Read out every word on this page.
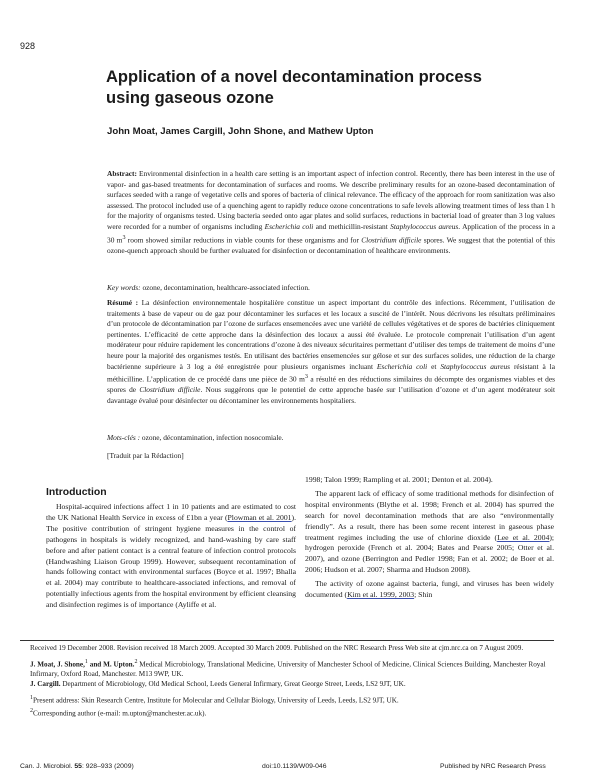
928
Application of a novel decontamination process using gaseous ozone
John Moat, James Cargill, John Shone, and Mathew Upton

Abstract: Environmental disinfection in a health care setting is an important aspect of infection control. Recently, there has been interest in the use of vapor- and gas-based treatments for decontamination of surfaces and rooms. We describe preliminary results for an ozone-based decontamination of surfaces seeded with a range of vegetative cells and spores of bacteria of clinical relevance. The efficacy of the approach for room sanitization was also assessed. The protocol included use of a quenching agent to rapidly reduce ozone concentrations to safe levels allowing treatment times of less than 1 h for the majority of organisms tested. Using bacteria seeded onto agar plates and solid surfaces, reductions in bacterial load of greater than 3 log values were recorded for a number of organisms including Escherichia coli and methicillin-resistant Staphylococcus aureus. Application of the process in a 30 $m^3$ room showed similar reductions in viable counts for these organisms and for Clostridium difficile spores. We suggest that the potential of this ozone-quench approach should be further evaluated for disinfection or decontamination of healthcare environments.

Key words: ozone, decontamination, healthcare-associated infection.

Résumé : La désinfection environnementale hospitalière constitue un aspect important du contrôle des infections. Récemment, l’utilisation de traitements à base de vapeur ou de gaz pour décontaminer les surfaces et les locaux a suscité de l’intérêt. Nous décrivons les résultats préliminaires d’un protocole de décontamination par l’ozone de surfaces ensemencées avec une variété de cellules végétatives et de spores de bactéries cliniquement pertinentes. L’efficacité de cette approche dans la désinfection des locaux a aussi été évaluée. Le protocole comprenait l’utilisation d’un agent modérateur pour réduire rapidement les concentrations d’ozone à des niveaux sécuritaires permettant d’utiliser des temps de traitement de moins d’une heure pour la majorité des organismes testés. En utilisant des bactéries ensemencées sur gélose et sur des surfaces solides, une réduction de la charge bactérienne supérieure à 3 log a été enregistrée pour plusieurs organismes incluant Escherichia coli et Staphylococcus aureus résistant à la méthicilline. L’application de ce procédé dans une pièce de 30 $m^3$ a résulté en des réductions similaires du décompte des organismes viables et des spores de Clostridium difficile. Nous suggérons que le potentiel de cette approche basée sur l’utilisation d’ozone et d’un agent modérateur soit davantage évalué pour désinfecter ou décontaminer les environnements hospitaliers.

Mots-clés : ozone, décontamination, infection nosocomiale.

[Traduit par la Rédaction]

Introduction

Hospital-acquired infections affect 1 in 10 patients and are estimated to cost the UK National Health Service in excess of £1bn a year (Plowman et al. 2001). The positive contribution of stringent hygiene measures in the control of pathogens in hospitals is widely recognized, and hand-washing by care staff before and after patient contact is a central feature of infection control protocols (Handwashing Liaison Group 1999). However, subsequent recontamination of hands following contact with environmental surfaces (Boyce et al. 1997; Bhalla et al. 2004) may contribute to healthcare-associated infections, and removal of potentially infectious agents from the hospital environment by efficient cleansing and disinfection regimes is of importance (Ayliffe et al.

1998; Talon 1999; Rampling et al. 2001; Denton et al. 2004).

The apparent lack of efficacy of some traditional methods for disinfection of hospital environments (Blythe et al. 1998; French et al. 2004) has spurred the search for novel decontamination methods that are also “environmentally friendly”. As a result, there has been some recent interest in gaseous phase treatment regimes including the use of chlorine dioxide (Lee et al. 2004); hydrogen peroxide (French et al. 2004; Bates and Pearse 2005; Otter et al. 2007), and ozone (Berrington and Pedler 1998; Fan et al. 2002; de Boer et al. 2006; Hudson et al. 2007; Sharma and Hudson 2008).

The activity of ozone against bacteria, fungi, and viruses has been widely documented (Kim et al. 1999, 2003; Shin

Received 19 December 2008. Revision received 18 March 2009. Accepted 30 March 2009. Published on the NRC Research Press Web site at cjm.nrc.ca on 7 August 2009.

J. Moat, J. Shone,$^1$ and M. Upton.$^2$ Medical Microbiology, Translational Medicine, University of Manchester School of Medicine, Clinical Sciences Building, Manchester Royal Infirmary, Oxford Road, Manchester. M13 9WP, UK.

J. Cargill. Department of Microbiology, Old Medical School, Leeds General Infirmary, Great George Street, Leeds, LS2 9JT, UK.

$^1$Present address: Skin Research Centre, Institute for Molecular and Cellular Biology, University of Leeds, Leeds, LS2 9JT, UK.

$^2$Corresponding author (e-mail: m.upton@manchester.ac.uk).

Can. J. Microbiol. 55: 928–933 (2009)	doi:10.1139/W09-046	Published by NRC Research Press
